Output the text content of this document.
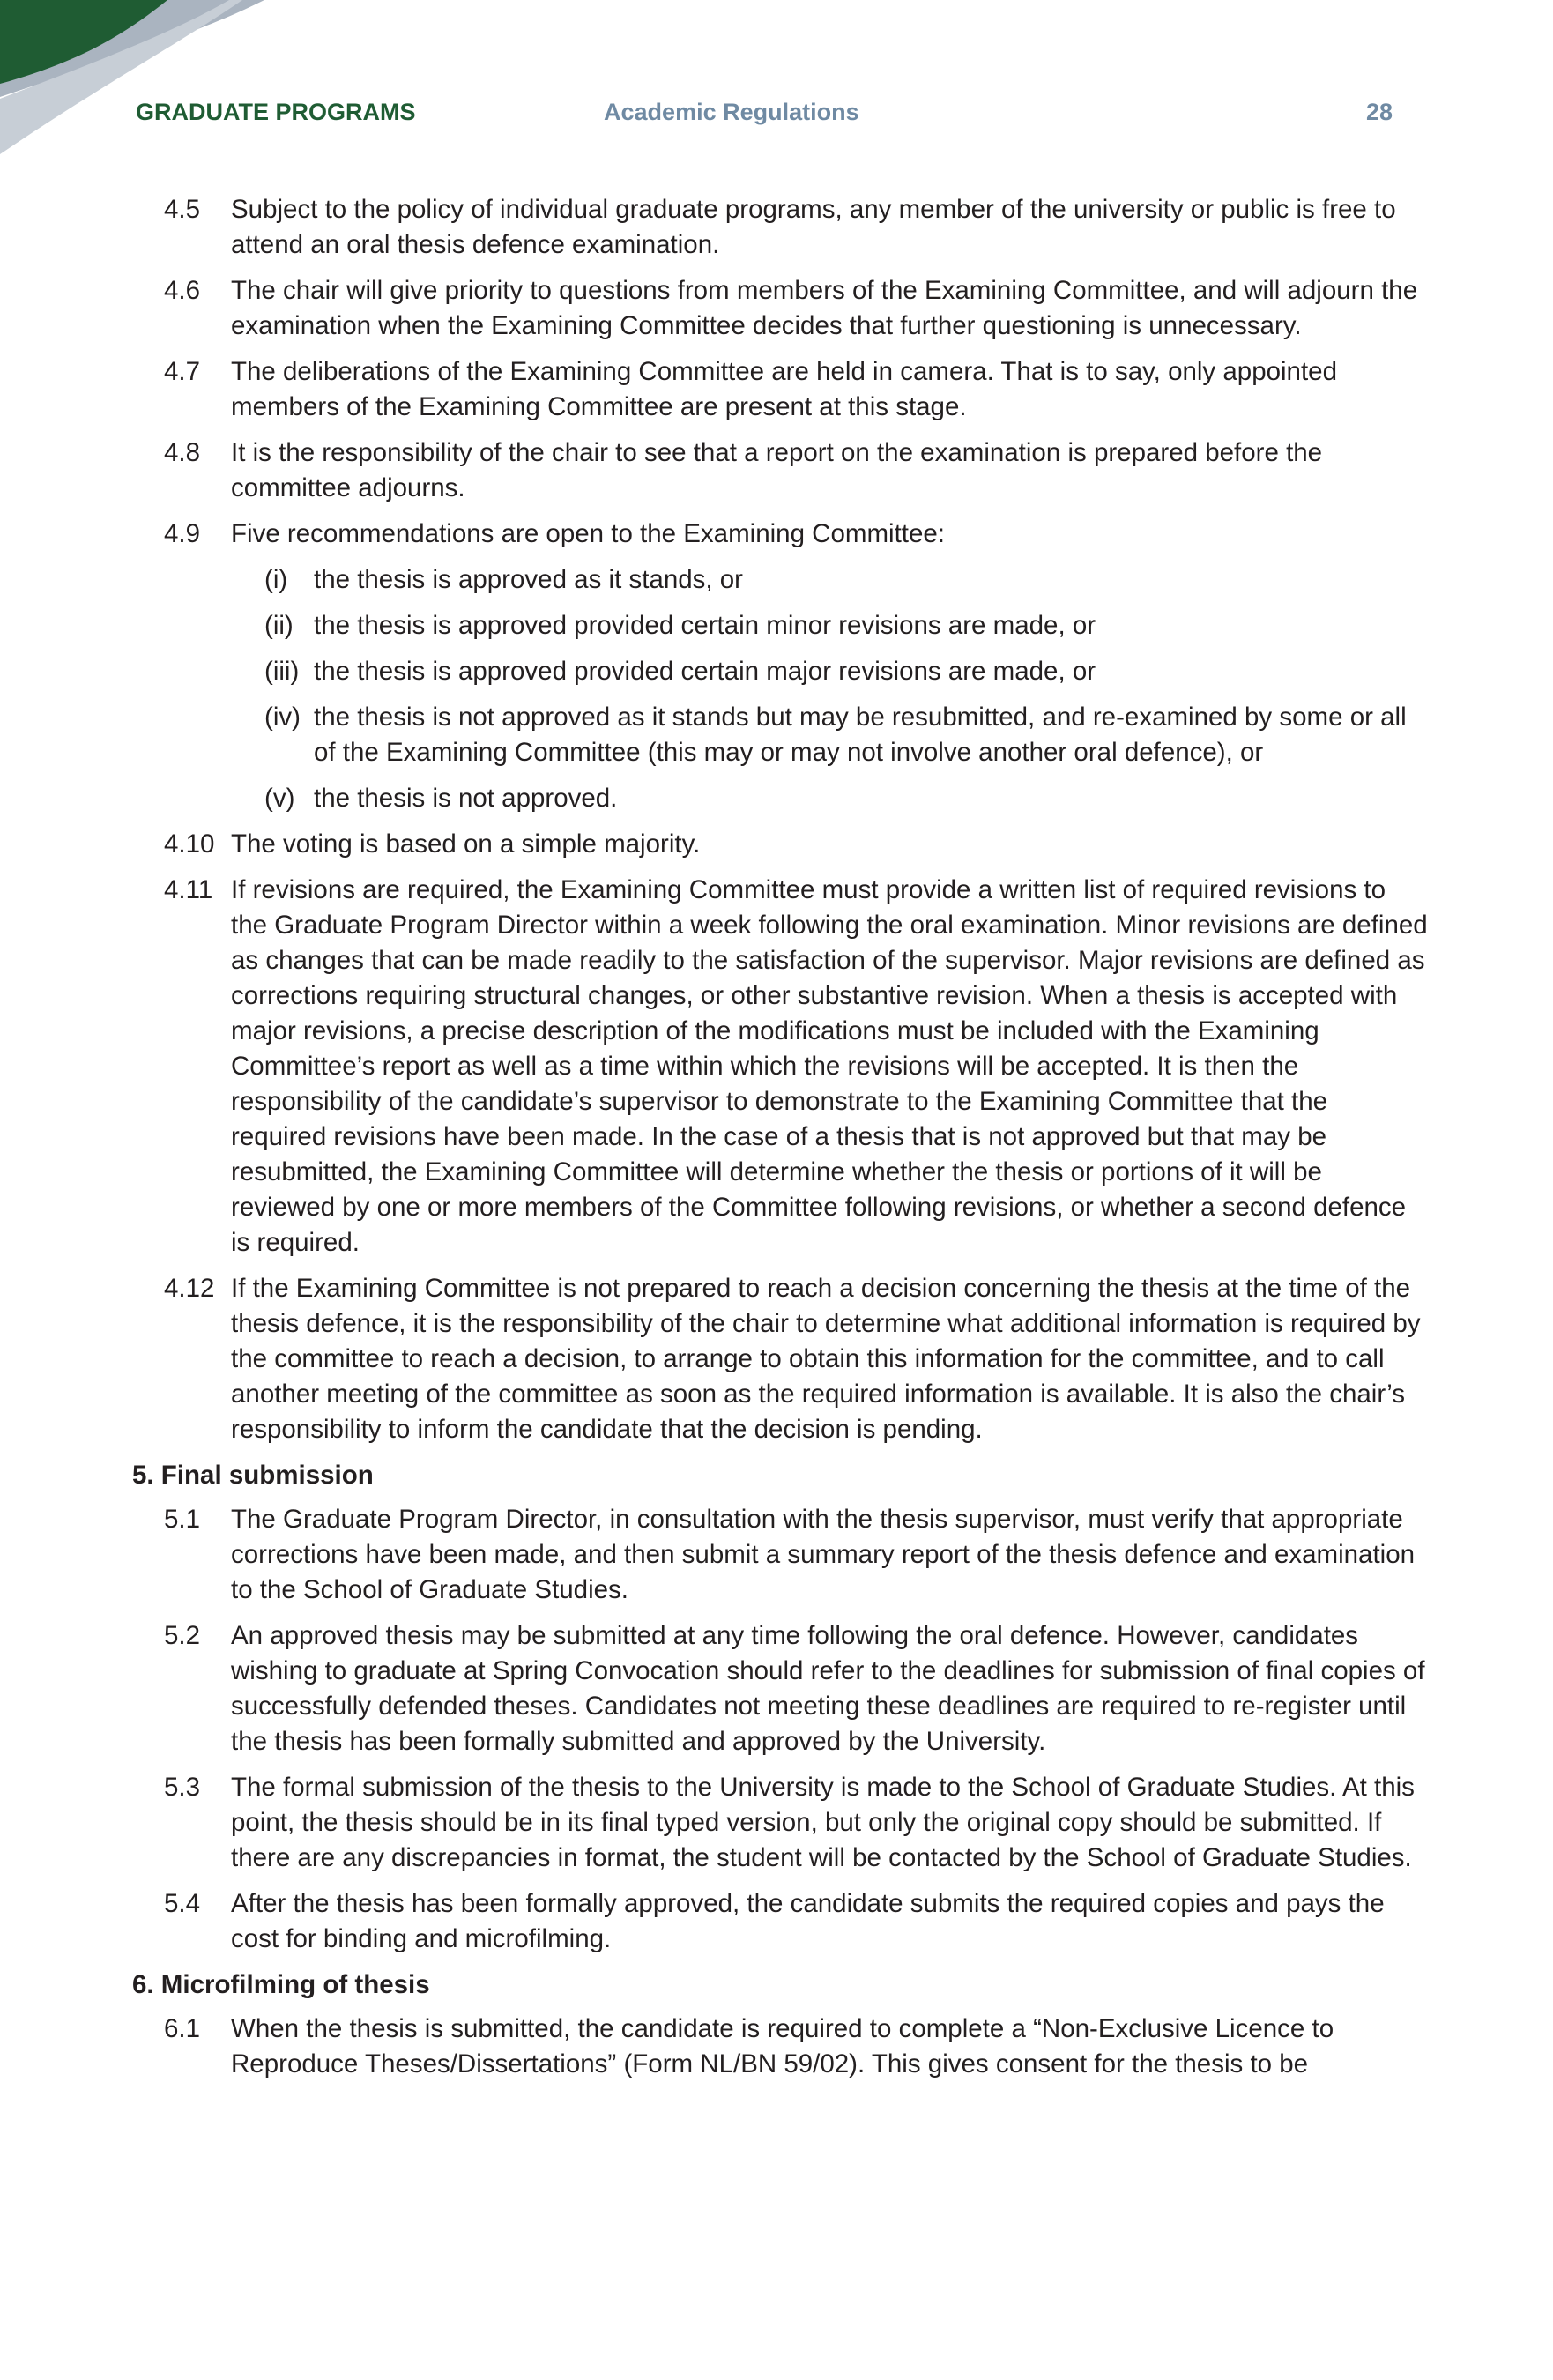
GRADUATE PROGRAMS	Academic Regulations	28
4.5 Subject to the policy of individual graduate programs, any member of the university or public is free to attend an oral thesis defence examination.
4.6 The chair will give priority to questions from members of the Examining Committee, and will adjourn the examination when the Examining Committee decides that further questioning is unnecessary.
4.7 The deliberations of the Examining Committee are held in camera. That is to say, only appointed members of the Examining Committee are present at this stage.
4.8 It is the responsibility of the chair to see that a report on the examination is prepared before the committee adjourns.
4.9 Five recommendations are open to the Examining Committee:
(i) the thesis is approved as it stands, or
(ii) the thesis is approved provided certain minor revisions are made, or
(iii) the thesis is approved provided certain major revisions are made, or
(iv) the thesis is not approved as it stands but may be resubmitted, and re-examined by some or all of the Examining Committee (this may or may not involve another oral defence), or
(v) the thesis is not approved.
4.10 The voting is based on a simple majority.
4.11 If revisions are required, the Examining Committee must provide a written list of required revisions to the Graduate Program Director within a week following the oral examination. Minor revisions are defined as changes that can be made readily to the satisfaction of the supervisor. Major revisions are defined as corrections requiring structural changes, or other substantive revision. When a thesis is accepted with major revisions, a precise description of the modifications must be included with the Examining Committee’s report as well as a time within which the revisions will be accepted. It is then the responsibility of the candidate’s supervisor to demonstrate to the Examining Committee that the required revisions have been made. In the case of a thesis that is not approved but that may be resubmitted, the Examining Committee will determine whether the thesis or portions of it will be reviewed by one or more members of the Committee following revisions, or whether a second defence is required.
4.12 If the Examining Committee is not prepared to reach a decision concerning the thesis at the time of the thesis defence, it is the responsibility of the chair to determine what additional information is required by the committee to reach a decision, to arrange to obtain this information for the committee, and to call another meeting of the committee as soon as the required information is available. It is also the chair’s responsibility to inform the candidate that the decision is pending.
5. Final submission
5.1 The Graduate Program Director, in consultation with the thesis supervisor, must verify that appropriate corrections have been made, and then submit a summary report of the thesis defence and examination to the School of Graduate Studies.
5.2 An approved thesis may be submitted at any time following the oral defence. However, candidates wishing to graduate at Spring Convocation should refer to the deadlines for submission of final copies of successfully defended theses. Candidates not meeting these deadlines are required to re-register until the thesis has been formally submitted and approved by the University.
5.3 The formal submission of the thesis to the University is made to the School of Graduate Studies. At this point, the thesis should be in its final typed version, but only the original copy should be submitted. If there are any discrepancies in format, the student will be contacted by the School of Graduate Studies.
5.4 After the thesis has been formally approved, the candidate submits the required copies and pays the cost for binding and microfilming.
6. Microfilming of thesis
6.1 When the thesis is submitted, the candidate is required to complete a “Non-Exclusive Licence to Reproduce Theses/Dissertations” (Form NL/BN 59/02). This gives consent for the thesis to be
